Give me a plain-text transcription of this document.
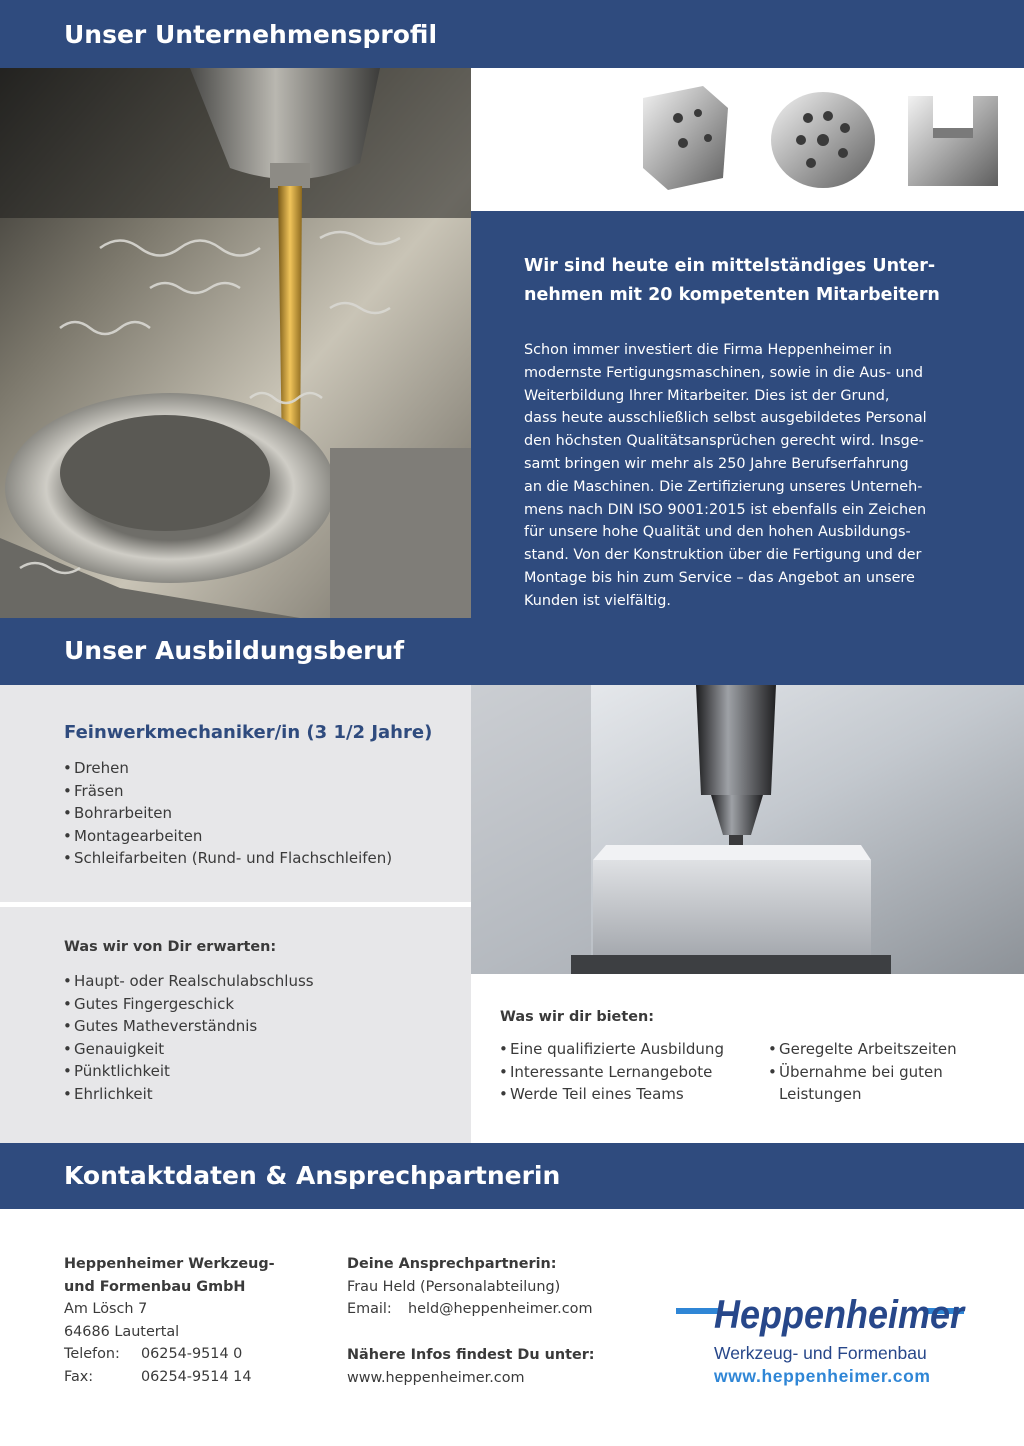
Unser Unternehmensprofil
Wir sind heute ein mittelständiges Unter-
nehmen mit 20 kompetenten Mitarbeitern
Schon immer investiert die Firma Heppenheimer in
modernste Fertigungsmaschinen, sowie in die Aus- und
Weiterbildung Ihrer Mitarbeiter. Dies ist der Grund,
dass heute ausschließlich selbst ausgebildetes Personal
den höchsten Qualitätsansprüchen gerecht wird. Insge-
samt bringen wir mehr als 250 Jahre Berufserfahrung
an die Maschinen. Die Zertifizierung unseres Unterneh-
mens nach DIN ISO 9001:2015 ist ebenfalls ein Zeichen
für unsere hohe Qualität und den hohen Ausbildungs-
stand. Von der Konstruktion über die Fertigung und der
Montage bis hin zum Service – das Angebot an unsere
Kunden ist vielfältig.
Unser Ausbildungsberuf
Feinwerkmechaniker/in (3 1/2 Jahre)
• Drehen
• Fräsen
• Bohrarbeiten
• Montagearbeiten
• Schleifarbeiten (Rund- und Flachschleifen)
Was wir von Dir erwarten:
• Haupt- oder Realschulabschluss
• Gutes Fingergeschick
• Gutes Matheverständnis
• Genauigkeit
• Pünktlichkeit
• Ehrlichkeit
Was wir dir bieten:
• Eine qualifizierte Ausbildung
• Interessante Lernangebote
• Werde Teil eines Teams
• Geregelte Arbeitszeiten
• Übernahme bei guten
Leistungen
Kontaktdaten & Ansprechpartnerin
Heppenheimer Werkzeug-
und Formenbau GmbH
Am Lösch 7
64686 Lautertal
Telefon: 06254-9514 0
Fax:	06254-9514 14
Deine Ansprechpartnerin:
Frau Held (Personalabteilung)
Email: held@heppenheimer.com
Nähere Infos findest Du unter:
www.heppenheimer.com
Heppenheimer
Werkzeug- und Formenbau
www.heppenheimer.com
